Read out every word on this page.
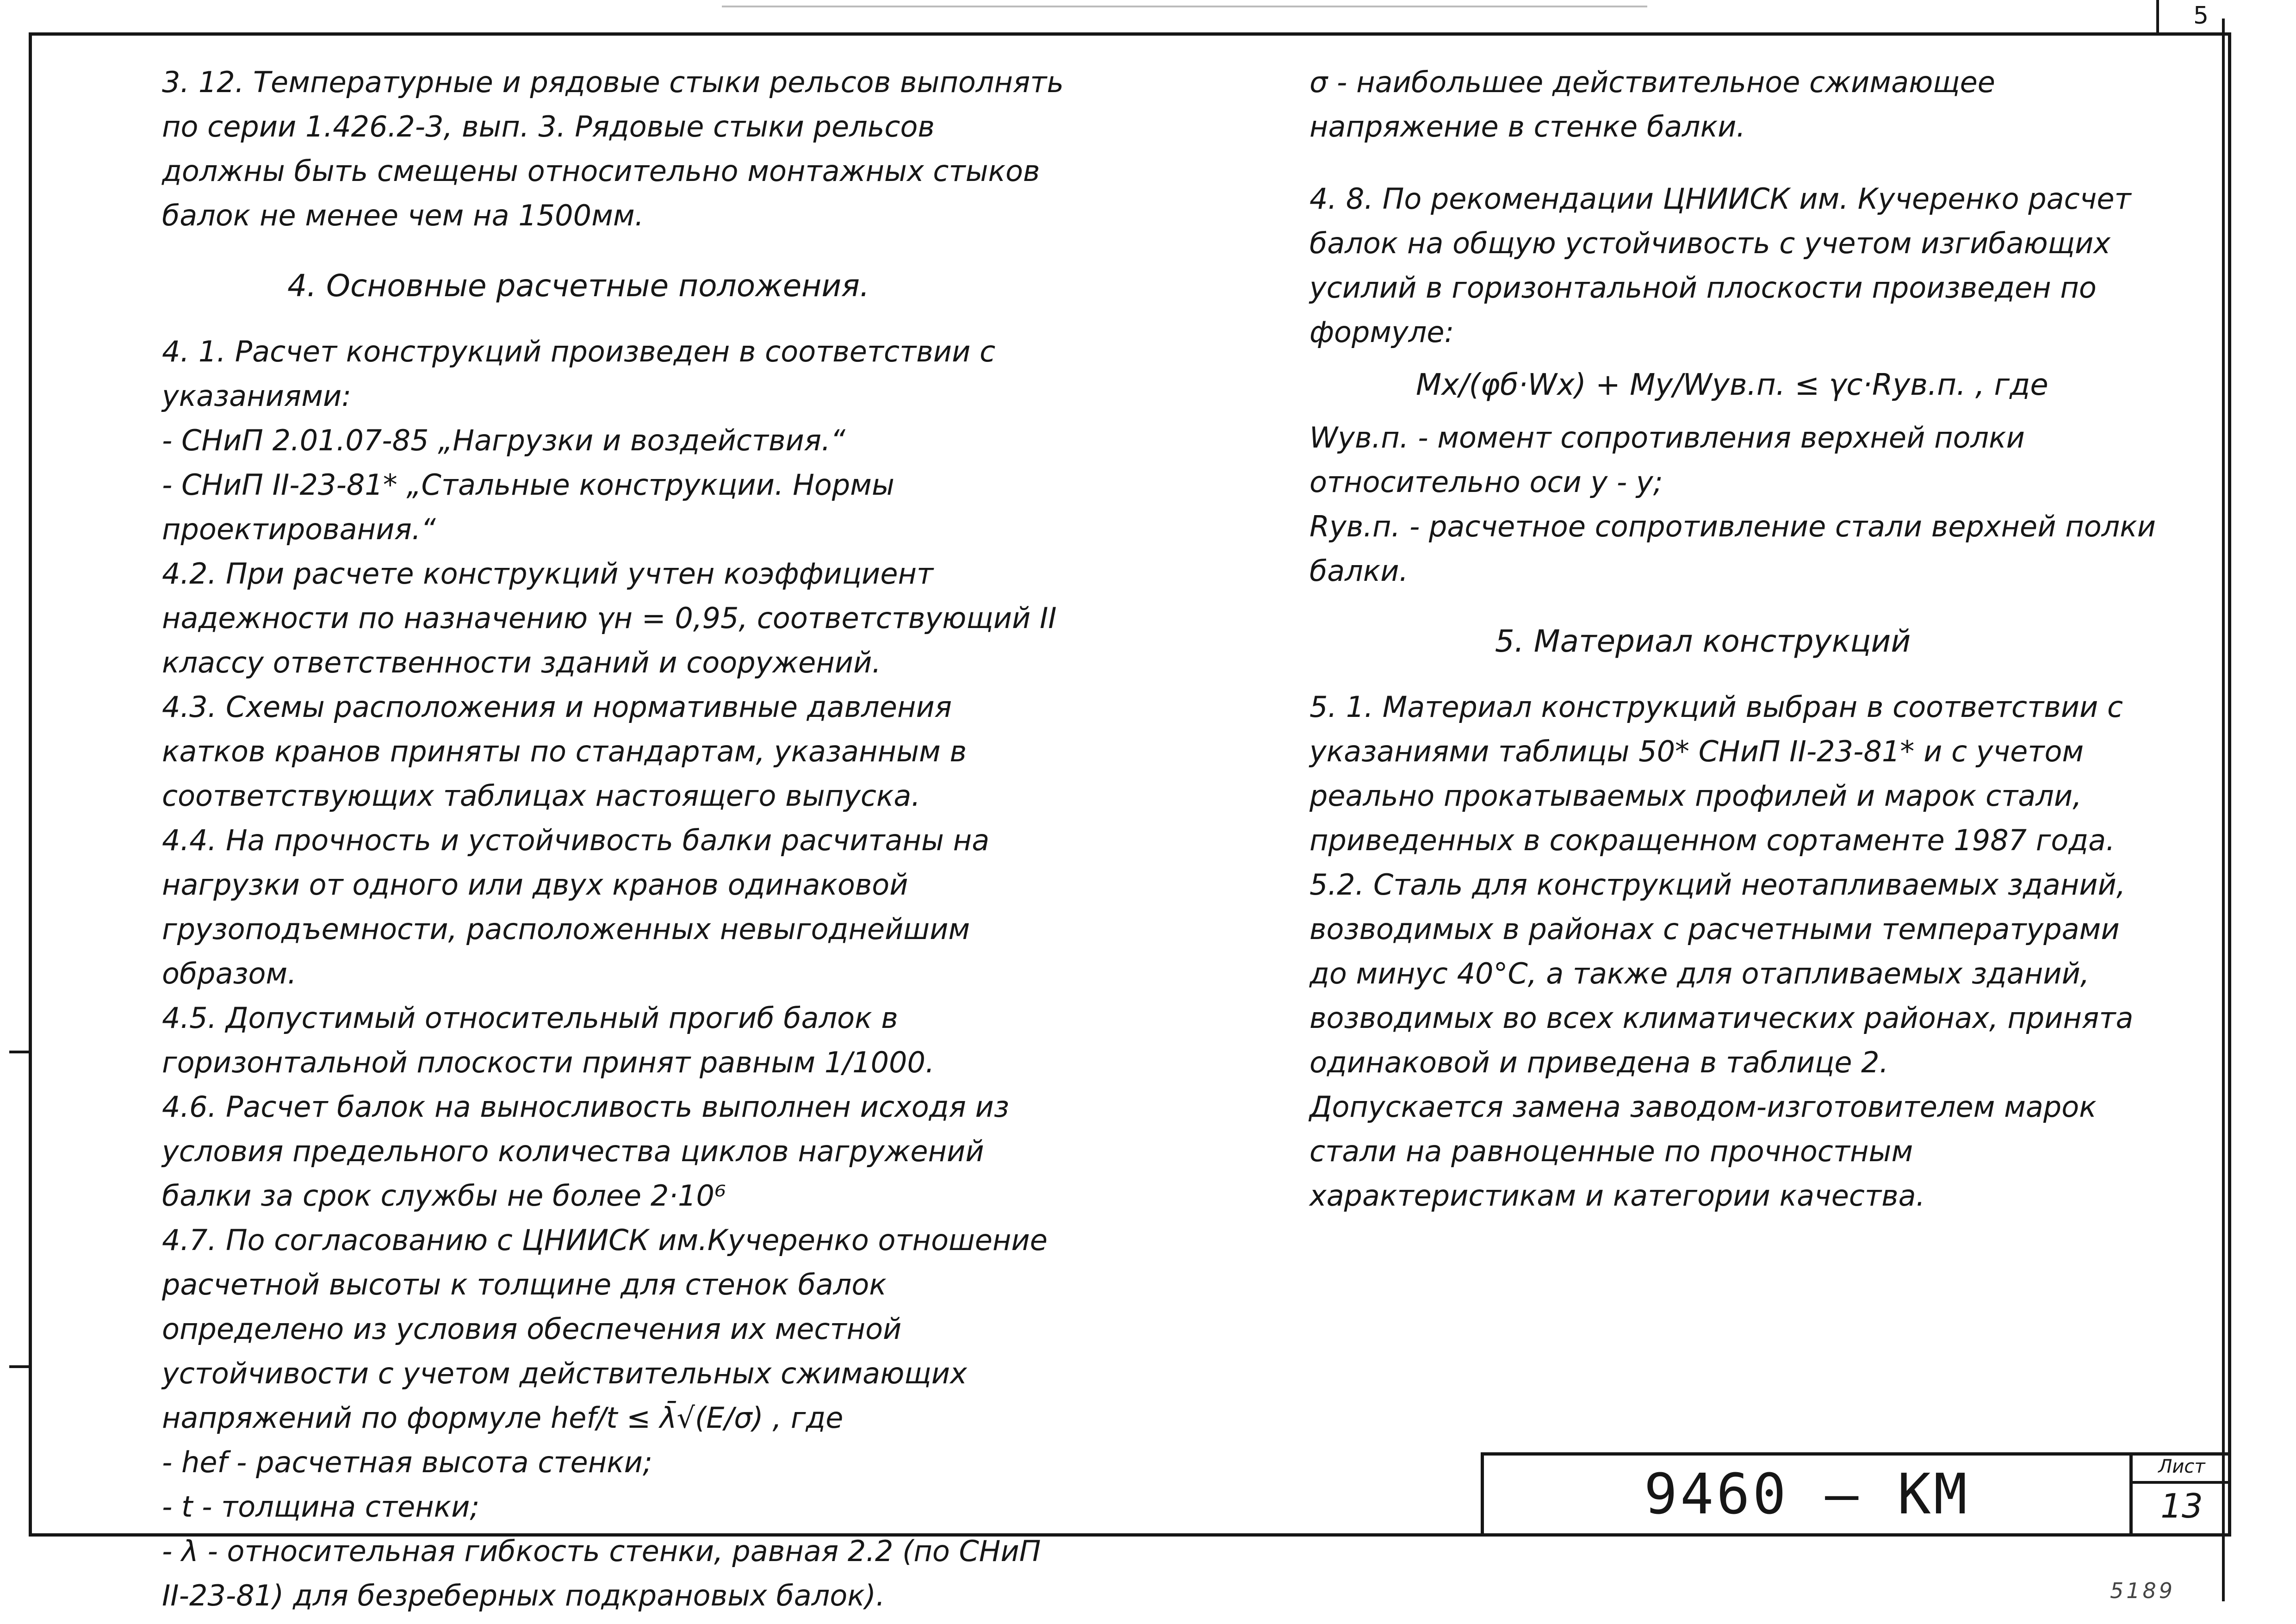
5

3. 12. Температурные и рядовые стыки рельсов выполнять по серии 1.426.2-3, вып. 3. Рядовые стыки рельсов должны быть смещены относительно монтажных стыков балок не менее чем на 1500мм.

4. Основные расчетные положения.

4. 1. Расчет конструкций произведен в соответствии с указаниями:

- СНиП 2.01.07-85 „Нагрузки и воздействия.“

- СНиП II-23-81* „Стальные конструкции. Нормы проектирования.“

4.2. При расчете конструкций учтен коэффициент надежности по назначению γн = 0,95, соответствующий II классу ответственности зданий и сооружений.

4.3. Схемы расположения и нормативные давления катков кранов приняты по стандартам, указанным в соответствующих таблицах настоящего выпуска.

4.4. На прочность и устойчивость балки расчитаны на нагрузки от одного или двух кранов одинаковой грузоподъемности, расположенных невыгоднейшим образом.

4.5. Допустимый относительный прогиб балок в горизонтальной плоскости принят равным 1/1000.

4.6. Расчет балок на выносливость выполнен исходя из условия предельного количества циклов нагружений балки за срок службы не более 2·10⁶

4.7. По согласованию с ЦНИИСК им.Кучеренко отношение расчетной высоты к толщине для стенок балок определено из условия обеспечения их местной устойчивости с учетом действительных сжимающих напряжений по формуле hef/t ≤ λ̄√(E/σ) , где

- hef - расчетная высота стенки;

- t - толщина стенки;

- λ̄ - относительная гибкость стенки, равная 2.2 (по СНиП II-23-81) для безреберных подкрановых балок).

σ - наибольшее действительное сжимающее напряжение в стенке балки.

4. 8. По рекомендации ЦНИИСК им. Кучеренко расчет балок на общую устойчивость с учетом изгибающих усилий в горизонтальной плоскости произведен по формуле:

Mx/(φб·Wx) + My/Wyв.п. ≤ γc·Ryв.п. , где

Wyв.п. - момент сопротивления верхней полки относительно оси y - y;

Ryв.п. - расчетное сопротивление стали верхней полки балки.

5. Материал конструкций

5. 1. Материал конструкций выбран в соответствии с указаниями таблицы 50* СНиП II-23-81* и с учетом реально прокатываемых профилей и марок стали, приведенных в сокращенном сортаменте 1987 года.

5.2. Сталь для конструкций неотапливаемых зданий, возводимых в районах с расчетными температурами до минус 40°С, а также для отапливаемых зданий, возводимых во всех климатических районах, принята одинаковой и приведена в таблице 2.

Допускается замена заводом-изготовителем марок стали на равноценные по прочностным характеристикам и категории качества.

9460 – КМ	Лист
13
5189
